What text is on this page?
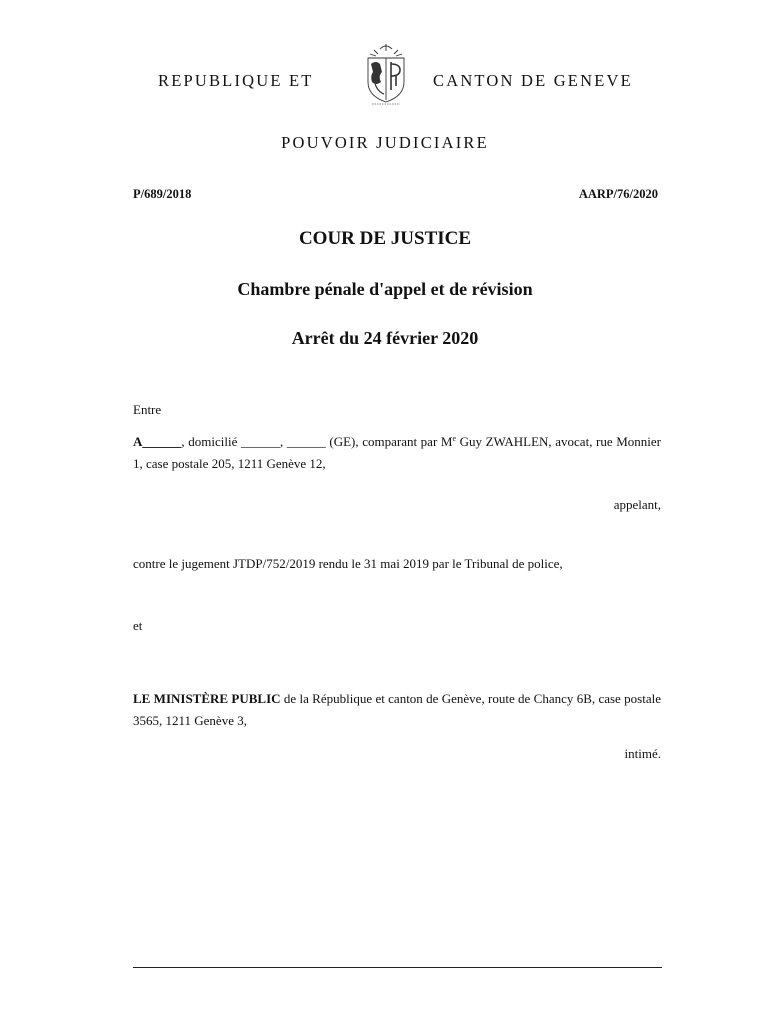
REPUBLIQUE ET	CANTON DE GENEVE
POUVOIR JUDICIAIRE
P/689/2018	AARP/76/2020
COUR DE JUSTICE
Chambre pénale d'appel et de révision
Arrêt du 24 février 2020
Entre
A______, domicilié ______, ______ (GE), comparant par Me Guy ZWAHLEN, avocat, rue Monnier 1, case postale 205, 1211 Genève 12,
appelant,
contre le jugement JTDP/752/2019 rendu le 31 mai 2019 par le Tribunal de police,
et
LE MINISTÈRE PUBLIC de la République et canton de Genève, route de Chancy 6B, case postale 3565, 1211 Genève 3,
intimé.
